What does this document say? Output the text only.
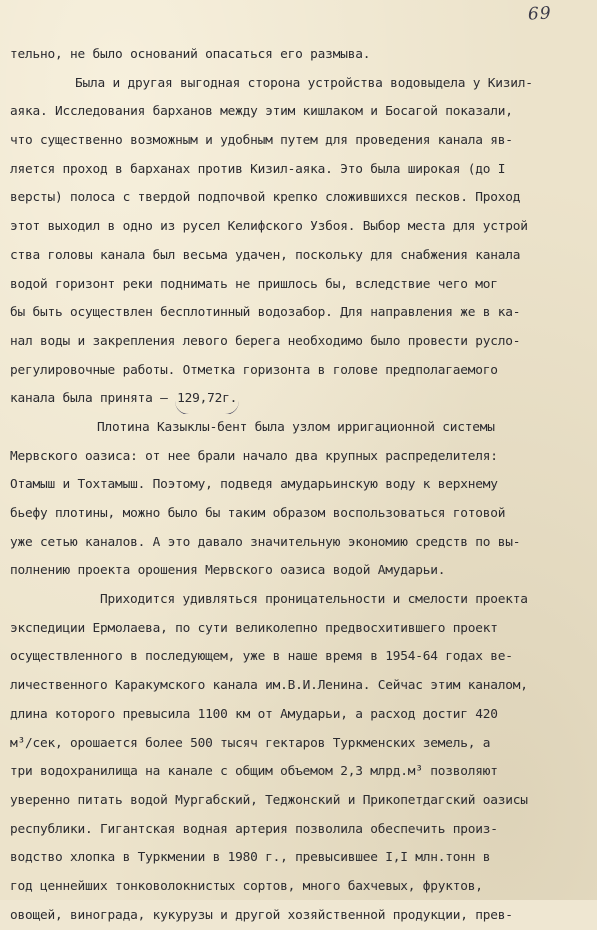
69
тельно, не было оснований опасаться его размыва.
Была и другая выгодная сторона устройства водовыдела у Кизил-
аяка. Исследования барханов между этим кишлаком и Босагой показали,
что существенно возможным и удобным путем для проведения канала яв-
ляется проход в барханах против Кизил-аяка. Это была широкая (до I
версты) полоса с твердой подпочвой крепко сложившихся песков. Проход
этот выходил в одно из русел Келифского Узбоя. Выбор места для устрой
ства головы канала был весьма удачен, поскольку для снабжения канала
водой горизонт реки поднимать не пришлось бы, вследствие чего мог
бы быть осуществлен бесплотинный водозабор. Для направления же в ка-
нал воды и закрепления левого берега необходимо было провести русло-
регулировочные работы. Отметка горизонта в голове предполагаемого
канала была принята – 129,72г.
Плотина Казыклы-бент была узлом ирригационной системы
Мервского оазиса: от нее брали начало два крупных распределителя:
Отамыш и Тохтамыш. Поэтому, подведя амударьинскую воду к верхнему
бьефу плотины, можно было бы таким образом воспользоваться готовой
уже сетью каналов. А это давало значительную экономию средств по вы-
полнению проекта орошения Мервского оазиса водой Амударьи.
Приходится удивляться проницательности и смелости проекта
экспедиции Ермолаева, по сути великолепно предвосхитившего проект
осуществленного в последующем, уже в наше время в 1954-64 годах ве-
личественного Каракумского канала им.В.И.Ленина. Сейчас этим каналом,
длина которого превысила 1100 км от Амударьи, а расход достиг 420
м³/сек, орошается более 500 тысяч гектаров Туркменских земель, а
три водохранилища на канале с общим объемом 2,3 млрд.м³ позволяют
уверенно питать водой Мургабский, Теджонский и Прикопетдагский оазисы
республики. Гигантская водная артерия позволила обеспечить произ-
водство хлопка в Туркмении в 1980 г., превысившее I,I млн.тонн в
год ценнейших тонковолокнистых сортов, много бахчевых, фруктов,
овощей, винограда, кукурузы и другой хозяйственной продукции, прев-
